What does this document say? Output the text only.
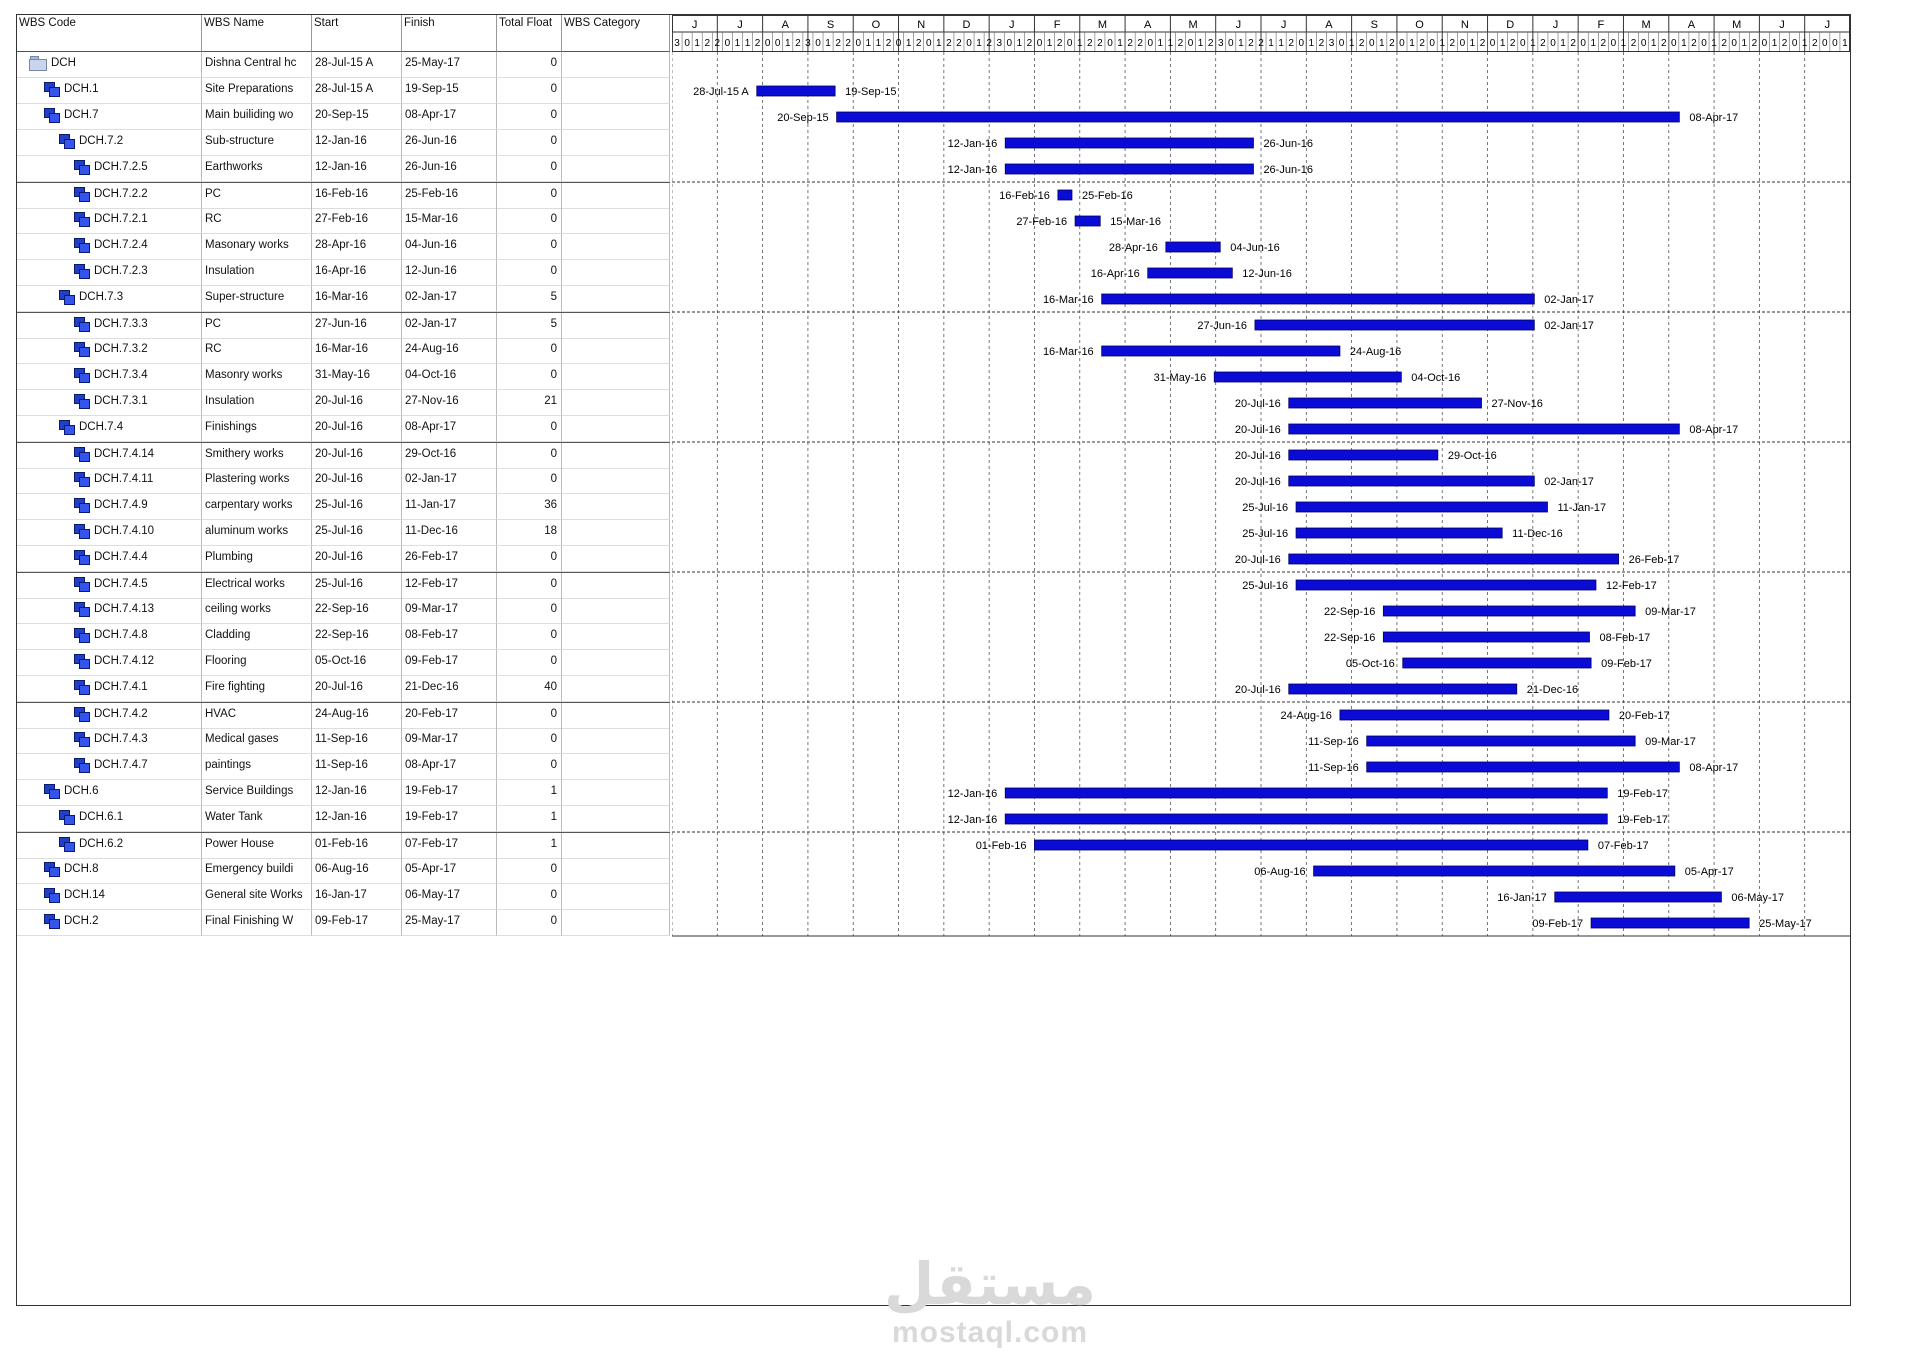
WBS Code	WBS Name	Start	Finish	Total Float	WBS Category
DCH	Dishna Central hc	28-Jul-15 A	25-May-17	0
DCH.1	Site Preparations	28-Jul-15 A	19-Sep-15	0
DCH.7	Main builiding wo	20-Sep-15	08-Apr-17	0
DCH.7.2	Sub-structure	12-Jan-16	26-Jun-16	0
DCH.7.2.5	Earthworks	12-Jan-16	26-Jun-16	0
DCH.7.2.2	PC	16-Feb-16	25-Feb-16	0
DCH.7.2.1	RC	27-Feb-16	15-Mar-16	0
DCH.7.2.4	Masonary works	28-Apr-16	04-Jun-16	0
DCH.7.2.3	Insulation	16-Apr-16	12-Jun-16	0
DCH.7.3	Super-structure	16-Mar-16	02-Jan-17	5
DCH.7.3.3	PC	27-Jun-16	02-Jan-17	5
DCH.7.3.2	RC	16-Mar-16	24-Aug-16	0
DCH.7.3.4	Masonry works	31-May-16	04-Oct-16	0
DCH.7.3.1	Insulation	20-Jul-16	27-Nov-16	21
DCH.7.4	Finishings	20-Jul-16	08-Apr-17	0
DCH.7.4.14	Smithery works	20-Jul-16	29-Oct-16	0
DCH.7.4.11	Plastering works	20-Jul-16	02-Jan-17	0
DCH.7.4.9	carpentary works	25-Jul-16	11-Jan-17	36
DCH.7.4.10	aluminum works	25-Jul-16	11-Dec-16	18
DCH.7.4.4	Plumbing	20-Jul-16	26-Feb-17	0
DCH.7.4.5	Electrical works	25-Jul-16	12-Feb-17	0
DCH.7.4.13	ceiling works	22-Sep-16	09-Mar-17	0
DCH.7.4.8	Cladding	22-Sep-16	08-Feb-17	0
DCH.7.4.12	Flooring	05-Oct-16	09-Feb-17	0
DCH.7.4.1	Fire fighting	20-Jul-16	21-Dec-16	40
DCH.7.4.2	HVAC	24-Aug-16	20-Feb-17	0
DCH.7.4.3	Medical gases	11-Sep-16	09-Mar-17	0
DCH.7.4.7	paintings	11-Sep-16	08-Apr-17	0
DCH.6	Service Buildings	12-Jan-16	19-Feb-17	1
DCH.6.1	Water Tank	12-Jan-16	19-Feb-17	1
DCH.6.2	Power House	01-Feb-16	07-Feb-17	1
DCH.8	Emergency buildi	06-Aug-16	05-Apr-17	0
DCH.14	General site Works	16-Jan-17	06-May-17	0
DCH.2	Final Finishing W	09-Feb-17	25-May-17	0
J	J	A	S	O	N	D	J	F	M	A	M	J	J	A	S	O	N	D	J	F	M	A	M	J	J
3 0 1 2 2 0 1 1 2 0 0 1 2 3 0 1 2 2 0 1 1 2 0 1 2 0 1 2 2 0 1 2 3 0 1 2 0 1 2 0 1 2 2 0 1 2 2 0 1 1 2 0 1 2 3 0 1 2 2 1 1 2 0 1 2 3 0 1 2 0 1 2 0 1 2 0 1 2 0 1 2 0 1 2 0 1 2 0 1 2 0 1 2 0 1 2 0 1 2 0 1 2 0 1 2 0 1 2 0 1 2 0 1 2 0 0 1
28-Jul-15 A	19-Sep-15
20-Sep-15	08-Apr-17
12-Jan-16	26-Jun-16
12-Jan-16	26-Jun-16
16-Feb-16	25-Feb-16
27-Feb-16	15-Mar-16
28-Apr-16	04-Jun-16
16-Apr-16	12-Jun-16
16-Mar-16	02-Jan-17
27-Jun-16	02-Jan-17
16-Mar-16	24-Aug-16
31-May-16	04-Oct-16
20-Jul-16	27-Nov-16
20-Jul-16	08-Apr-17
20-Jul-16	29-Oct-16
20-Jul-16	02-Jan-17
25-Jul-16	11-Jan-17
25-Jul-16	11-Dec-16
20-Jul-16	26-Feb-17
25-Jul-16	12-Feb-17
22-Sep-16	09-Mar-17
22-Sep-16	08-Feb-17
05-Oct-16	09-Feb-17
20-Jul-16	21-Dec-16
24-Aug-16	20-Feb-17
11-Sep-16	09-Mar-17
11-Sep-16	08-Apr-17
12-Jan-16	19-Feb-17
12-Jan-16	19-Feb-17
01-Feb-16	07-Feb-17
06-Aug-16	05-Apr-17
16-Jan-17	06-May-17
09-Feb-17	25-May-17
مستقل
mostaql.com
